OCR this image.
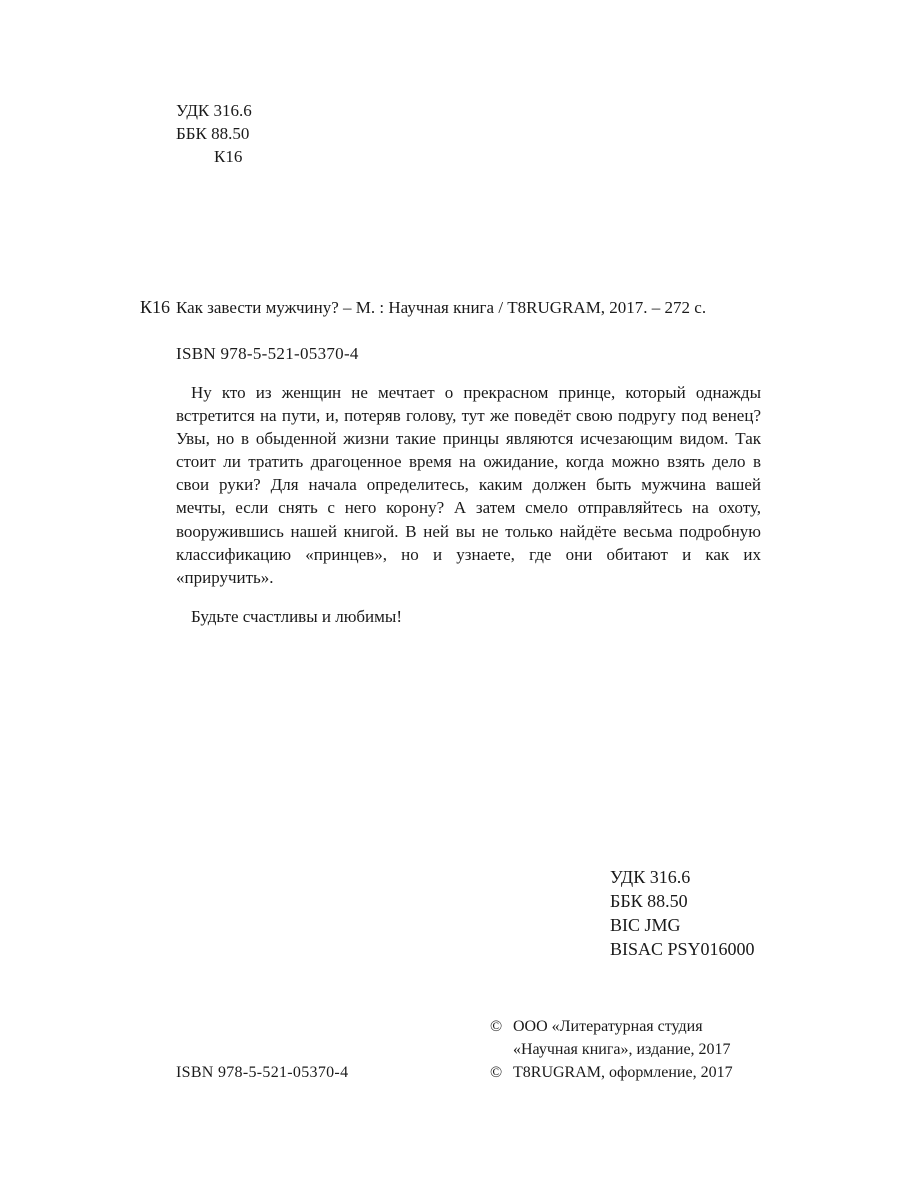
УДК 316.6
ББК 88.50
К16
К16 Как завести мужчину? – М. : Научная книга / T8RUGRAM, 2017. – 272 с.
ISBN 978-5-521-05370-4
Ну кто из женщин не мечтает о прекрасном принце, который однажды встретится на пути, и, потеряв голову, тут же поведёт свою подругу под венец? Увы, но в обыденной жизни такие принцы являются исчезающим видом. Так стоит ли тратить драгоценное время на ожидание, когда можно взять дело в свои руки? Для начала определитесь, каким должен быть мужчина вашей мечты, если снять с него корону? А затем смело отправляйтесь на охоту, вооружившись нашей книгой. В ней вы не только найдёте весьма подробную классификацию «принцев», но и узнаете, где они обитают и как их «приручить».
Будьте счастливы и любимы!
УДК 316.6
ББК 88.50
BIC JMG
BISAC PSY016000
© ООО «Литературная студия
«Научная книга», издание, 2017
© T8RUGRAM, оформление, 2017
ISBN 978-5-521-05370-4
